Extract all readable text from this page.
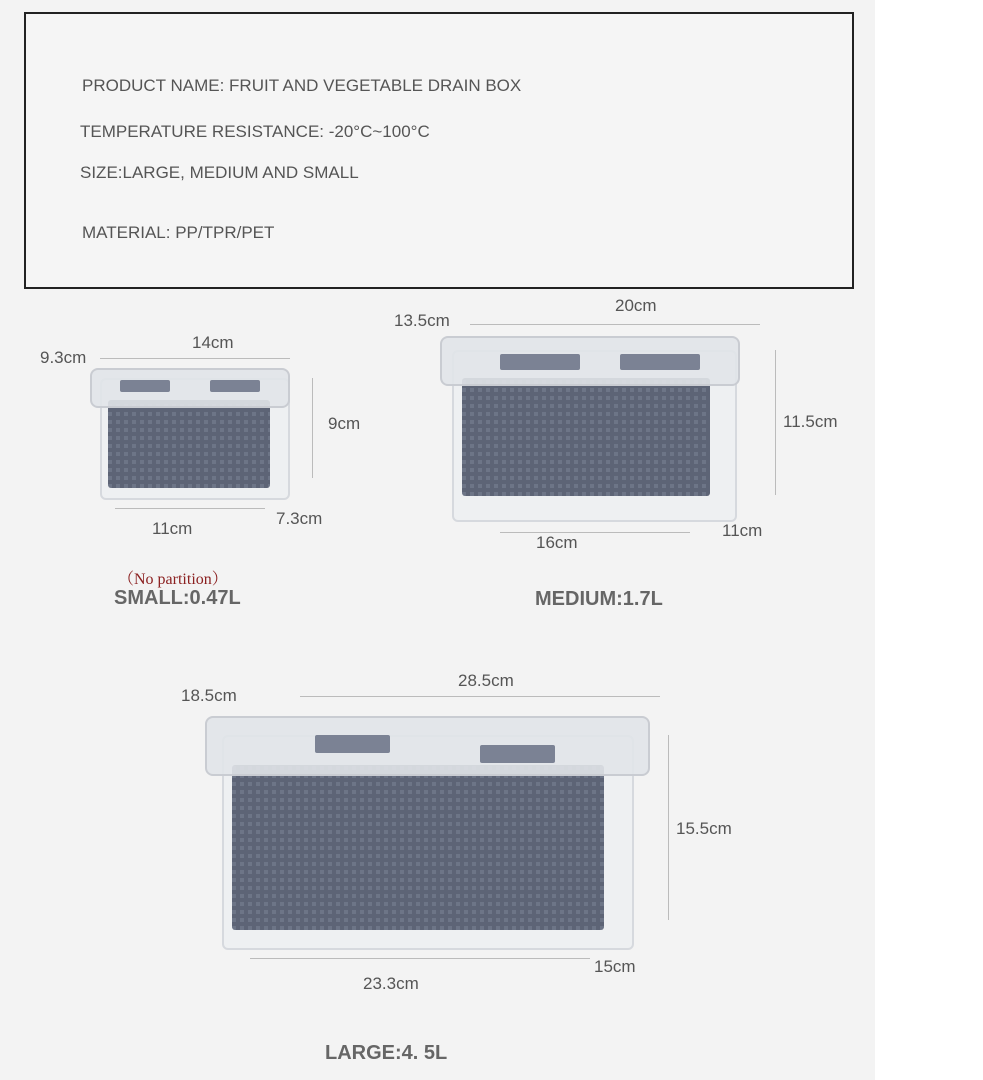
PRODUCT NAME: FRUIT AND VEGETABLE DRAIN BOX
TEMPERATURE RESISTANCE: -20°C~100°C
SIZE:LARGE, MEDIUM AND SMALL
MATERIAL: PP/TPR/PET
9.3cm
14cm
9cm
11cm
7.3cm
（No partition）
SMALL:0.47L
13.5cm
20cm
11.5cm
16cm
11cm
MEDIUM:1.7L
18.5cm
28.5cm
15.5cm
23.3cm
15cm
LARGE:4. 5L
